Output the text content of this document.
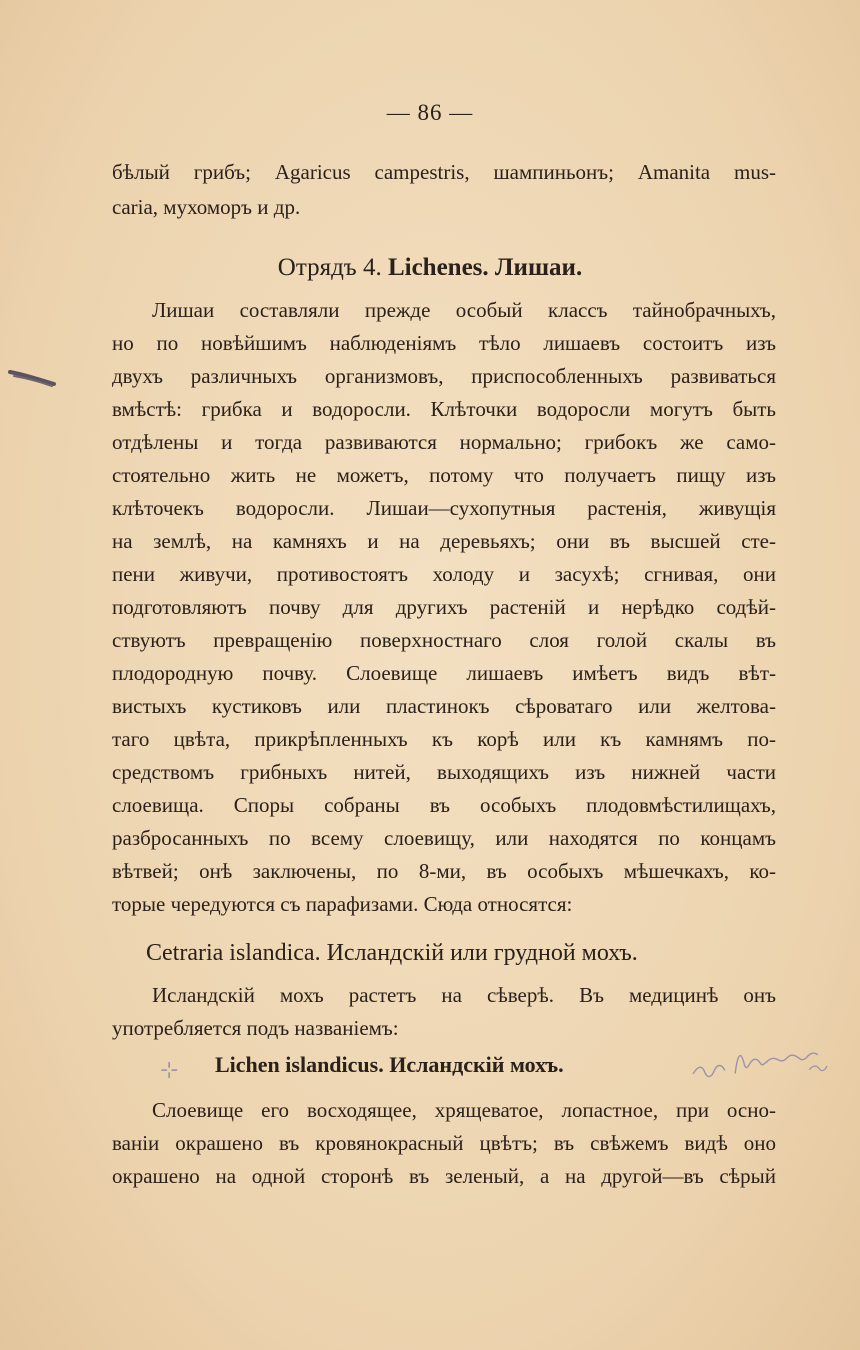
— 86 —
бѣлый грибъ; Agaricus campestris, шампиньонъ; Amanita mus-
caria, мухоморъ и др.
Отрядъ 4. Lichenes. Лишаи.
Лишаи составляли прежде особый классъ тайнобрачныхъ,
но по новѣйшимъ наблюденіямъ тѣло лишаевъ состоитъ изъ
двухъ различныхъ организмовъ, приспособленныхъ развиваться
вмѣстѣ: грибка и водоросли. Клѣточки водоросли могутъ быть
отдѣлены и тогда развиваются нормально; грибокъ же само-
стоятельно жить не можетъ, потому что получаетъ пищу изъ
клѣточекъ водоросли. Лишаи—сухопутныя растенія, живущія
на землѣ, на камняхъ и на деревьяхъ; они въ высшей сте-
пени живучи, противостоятъ холоду и засухѣ; сгнивая, они
подготовляютъ почву для другихъ растеній и нерѣдко содѣй-
ствуютъ превращенію поверхностнаго слоя голой скалы въ
плодородную почву. Слоевище лишаевъ имѣетъ видъ вѣт-
вистыхъ кустиковъ или пластинокъ сѣроватаго или желтова-
таго цвѣта, прикрѣпленныхъ къ корѣ или къ камнямъ по-
средствомъ грибныхъ нитей, выходящихъ изъ нижней части
слоевища. Споры собраны въ особыхъ плодовмѣстилищахъ,
разбросанныхъ по всему слоевищу, или находятся по концамъ
вѣтвей; онѣ заключены, по 8-ми, въ особыхъ мѣшечкахъ, ко-
торые чередуются съ парафизами. Сюда относятся:
Cetraria islandica. Исландскій или грудной мохъ.
Исландскій мохъ растетъ на сѣверѣ. Въ медицинѣ онъ
употребляется подъ названіемъ:
⊹ Lichen islandicus. Исландскій мохъ.
Слоевище его восходящее, хрящеватое, лопастное, при осно-
ваніи окрашено въ кровянокрасный цвѣтъ; въ свѣжемъ видѣ оно
окрашено на одной сторонѣ въ зеленый, а на другой—въ сѣрый
